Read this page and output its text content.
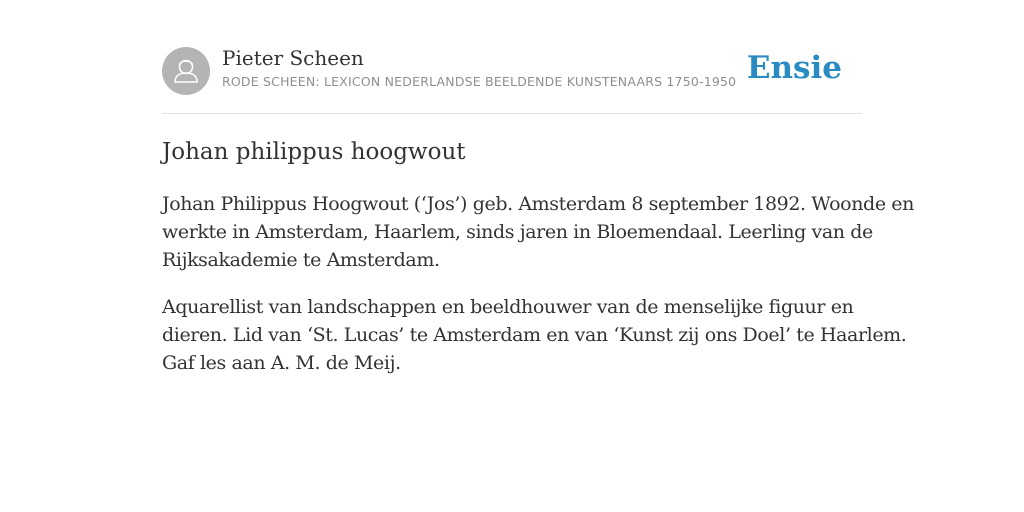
Pieter Scheen
RODE SCHEEN: LEXICON NEDERLANDSE BEELDENDE KUNSTENAARS 1750-1950 Ensie
Johan philippus hoogwout

Johan Philippus Hoogwout (‘Jos’) geb. Amsterdam 8 september 1892. Woonde en
werkte in Amsterdam, Haarlem, sinds jaren in Bloemendaal. Leerling van de
Rijksakademie te Amsterdam.

Aquarellist van landschappen en beeldhouwer van de menselijke figuur en
dieren. Lid van ‘St. Lucas’ te Amsterdam en van ‘Kunst zij ons Doel’ te Haarlem.
Gaf les aan A. M. de Meij.
